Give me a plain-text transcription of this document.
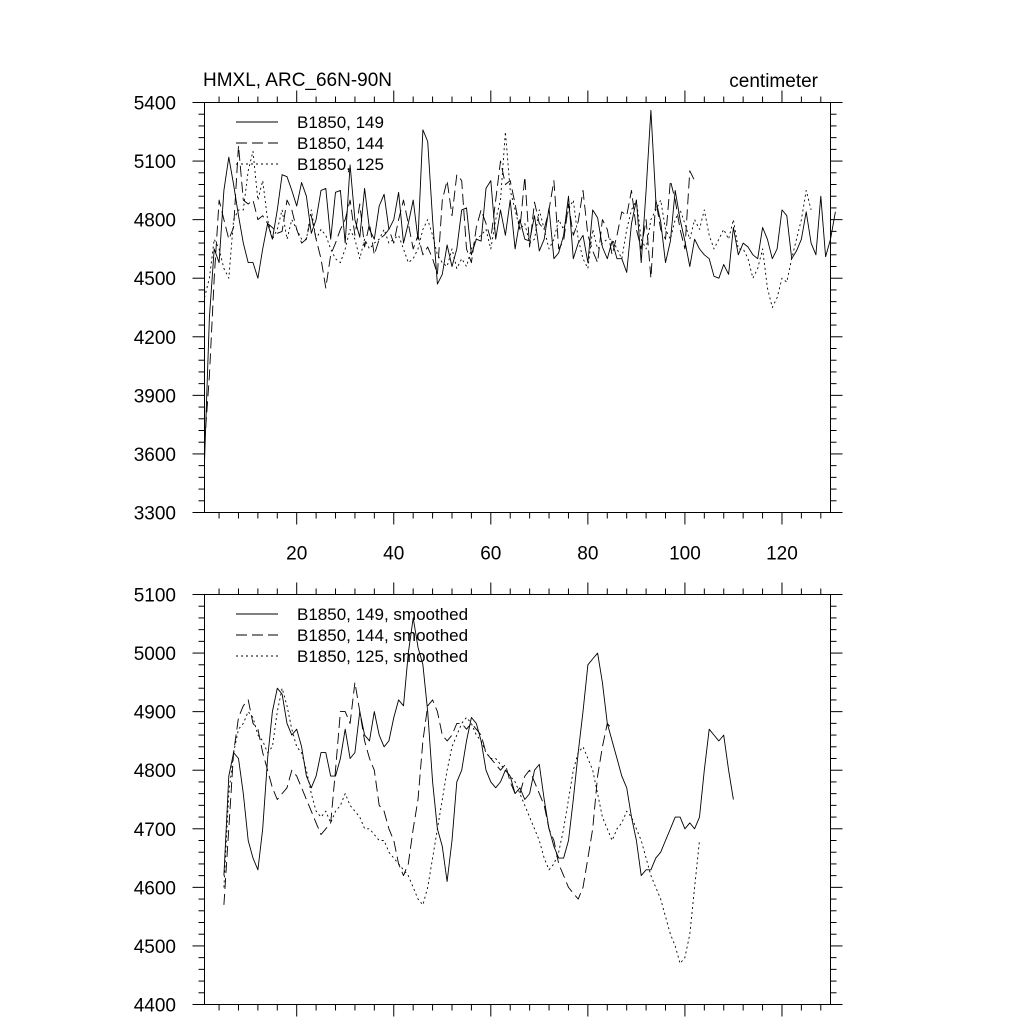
HMXL, ARC_66N-90N	centimeter
3300
3600
3900
4200
4500
4800
5100
5400
20	40	60	80	100	120
B1850, 149
B1850, 144
B1850, 125
4400
4500
4600
4700
4800
4900
5000
5100
B1850, 149, smoothed
B1850, 144, smoothed
B1850, 125, smoothed
